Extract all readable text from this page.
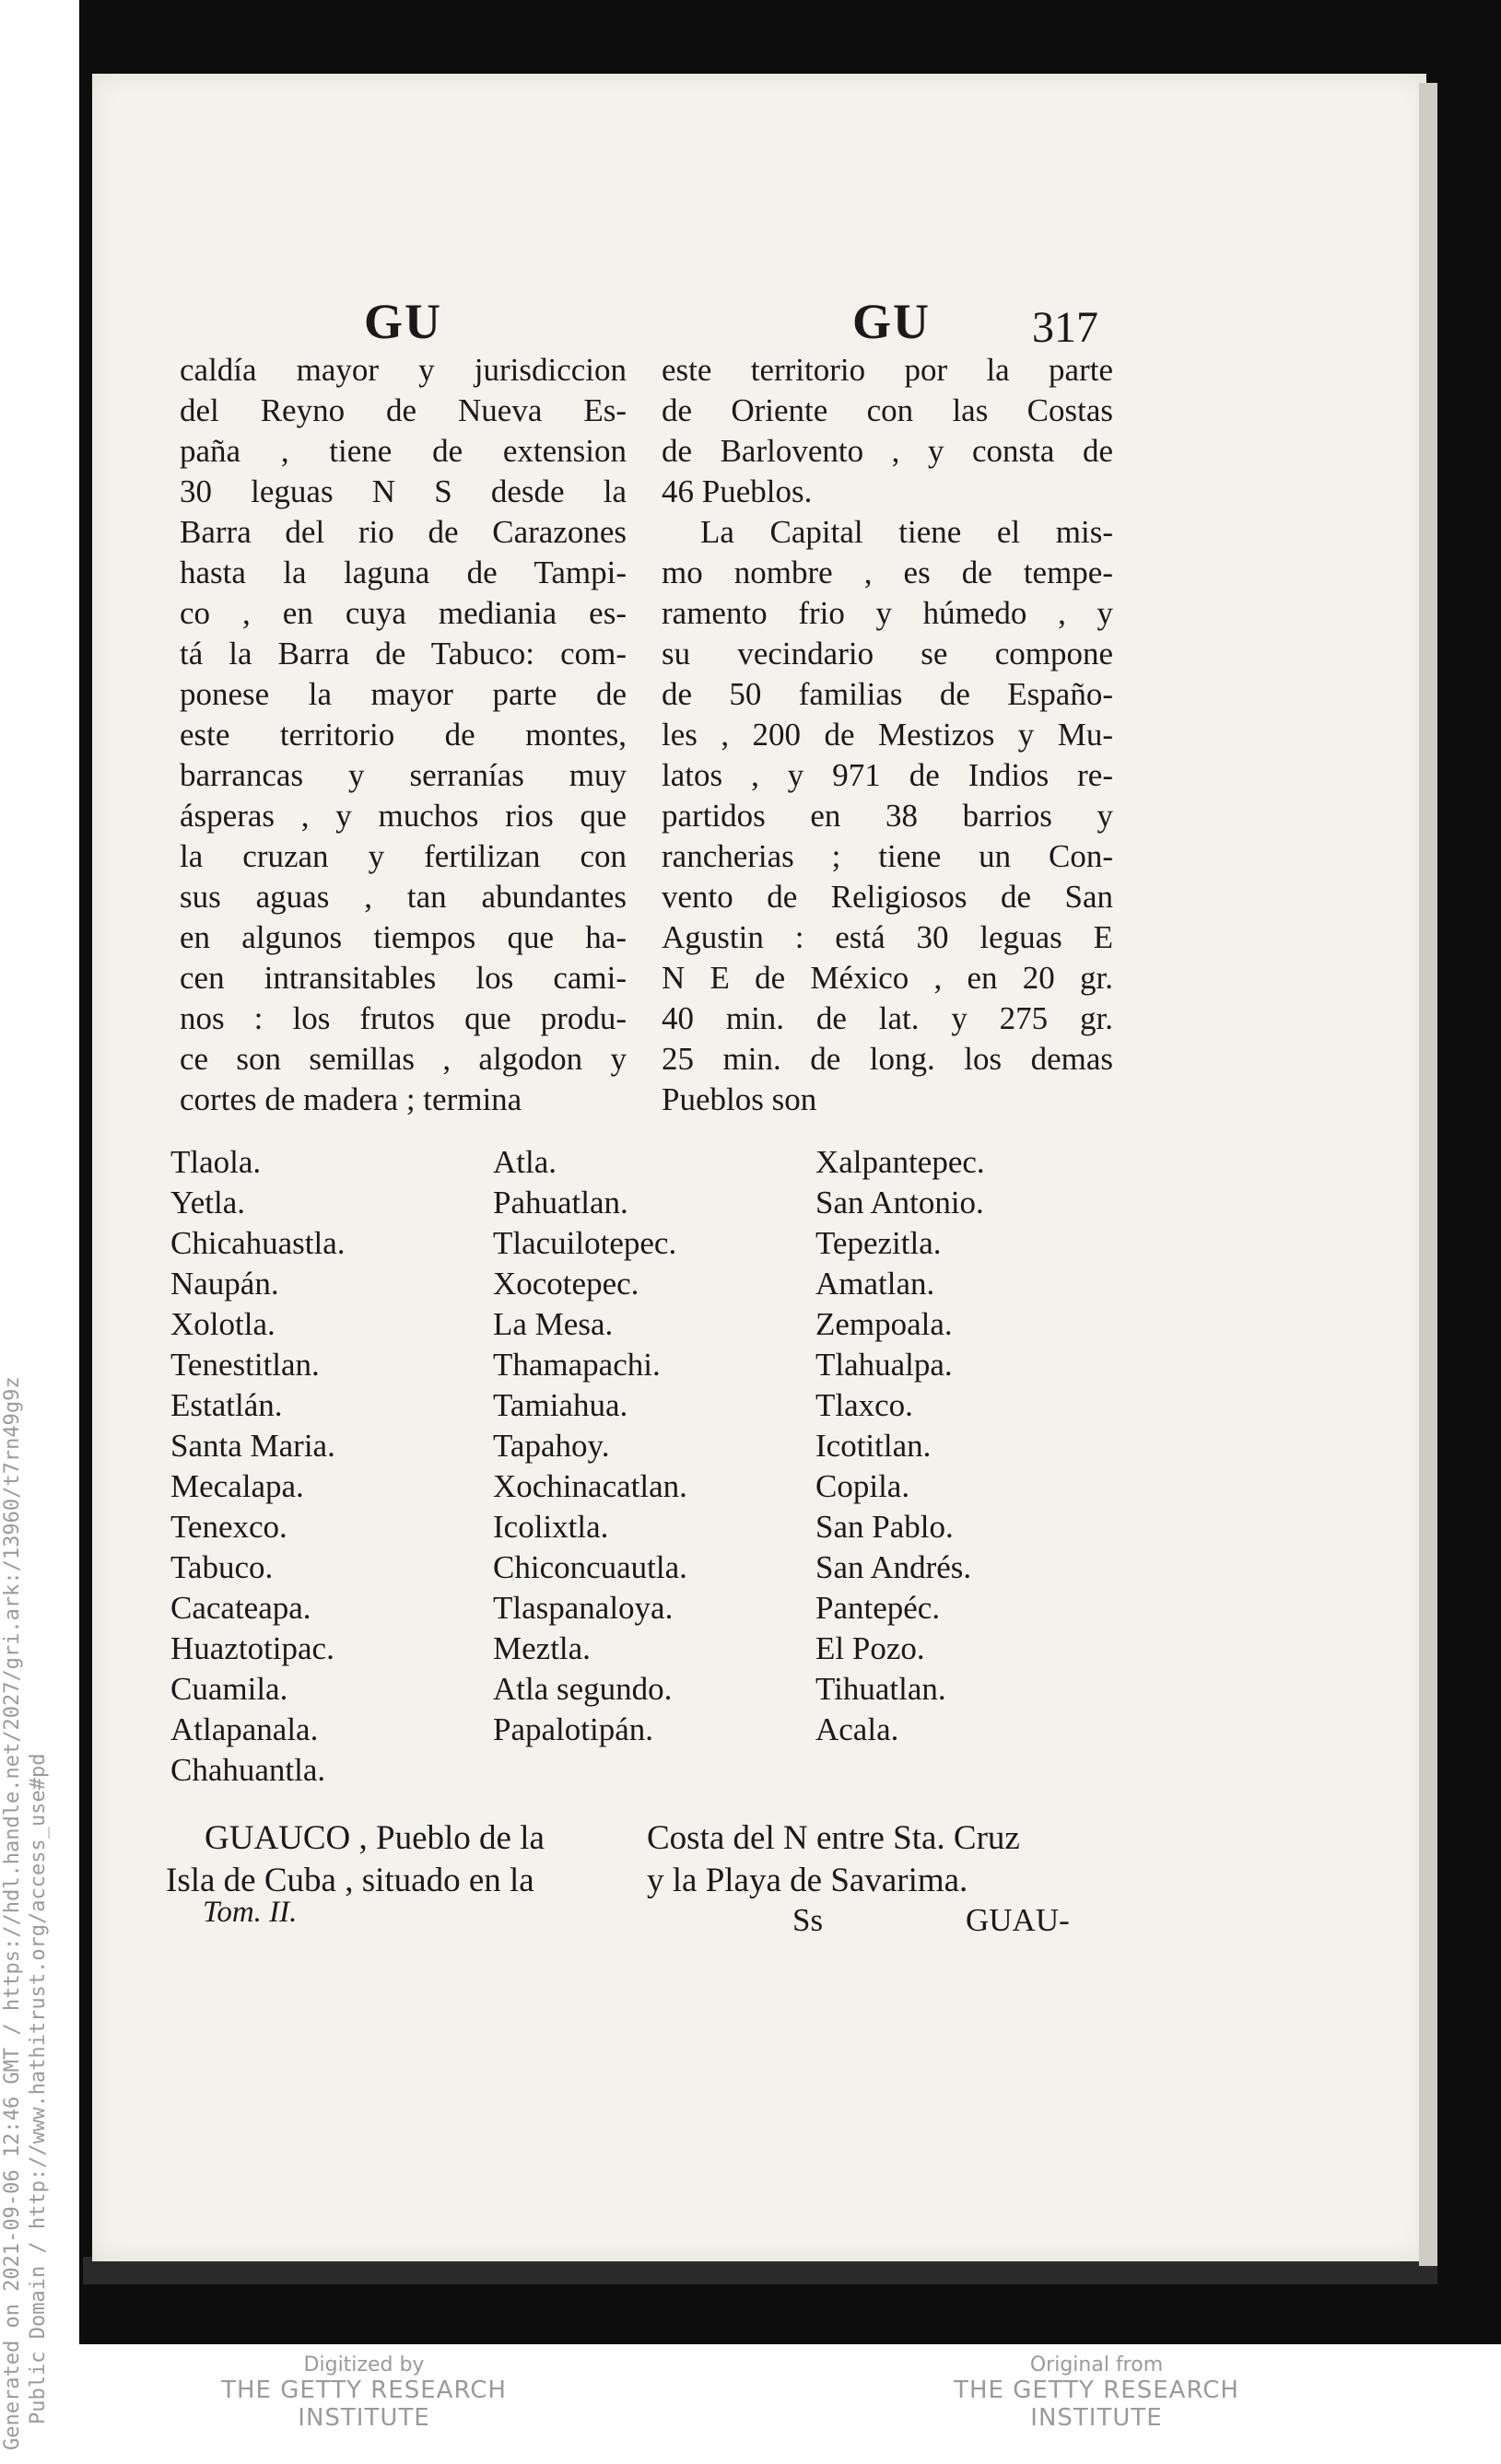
GU	GU 317
caldía mayor y jurisdiccion
del Reyno de Nueva Es-
paña , tiene de extension
30 leguas N S desde la
Barra del rio de Carazones
hasta la laguna de Tampi-
co , en cuya mediania es-
tá la Barra de Tabuco: com-
ponese la mayor parte de
este territorio de montes,
barrancas y serranías muy
ásperas , y muchos rios que
la cruzan y fertilizan con
sus aguas , tan abundantes
en algunos tiempos que ha-
cen intransitables los cami-
nos : los frutos que produ-
ce son semillas , algodon y
cortes de madera ; termina
este territorio por la parte
de Oriente con las Costas
de Barlovento , y consta de
46 Pueblos.
La Capital tiene el mis-
mo nombre , es de tempe-
ramento frio y húmedo , y
su vecindario se compone
de 50 familias de Españo-
les , 200 de Mestizos y Mu-
latos , y 971 de Indios re-
partidos en 38 barrios y
rancherias ; tiene un Con-
vento de Religiosos de San
Agustin : está 30 leguas E
N E de México , en 20 gr.
40 min. de lat. y 275 gr.
25 min. de long. los demas
Pueblos son
Tlaola.
Yetla.
Chicahuastla.
Naupán.
Xolotla.
Tenestitlan.
Estatlán.
Santa Maria.
Mecalapa.
Tenexco.
Tabuco.
Cacateapa.
Huaztotipac.
Cuamila.
Atlapanala.
Chahuantla.
Atla.
Pahuatlan.
Tlacuilotepec.
Xocotepec.
La Mesa.
Thamapachi.
Tamiahua.
Tapahoy.
Xochinacatlan.
Icolixtla.
Chiconcuautla.
Tlaspanaloya.
Meztla.
Atla segundo.
Papalotipán.
Xalpantepec.
San Antonio.
Tepezitla.
Amatlan.
Zempoala.
Tlahualpa.
Tlaxco.
Icotitlan.
Copila.
San Pablo.
San Andrés.
Pantepéc.
El Pozo.
Tihuatlan.
Acala.
GUAUCO , Pueblo de la
Isla de Cuba , situado en la
Costa del N entre Sta. Cruz
y la Playa de Savarima.
Tom. II.	Ss	GUAU-
Generated on 2021-09-06 12:46 GMT / https://hdl.handle.net/2027/gri.ark:/13960/t7rn49g9z Public Domain / http://www.hathitrust.org/access_use#pd	Digitized by
THE GETTY RESEARCH INSTITUTE
Original from
THE GETTY RESEARCH INSTITUTE
